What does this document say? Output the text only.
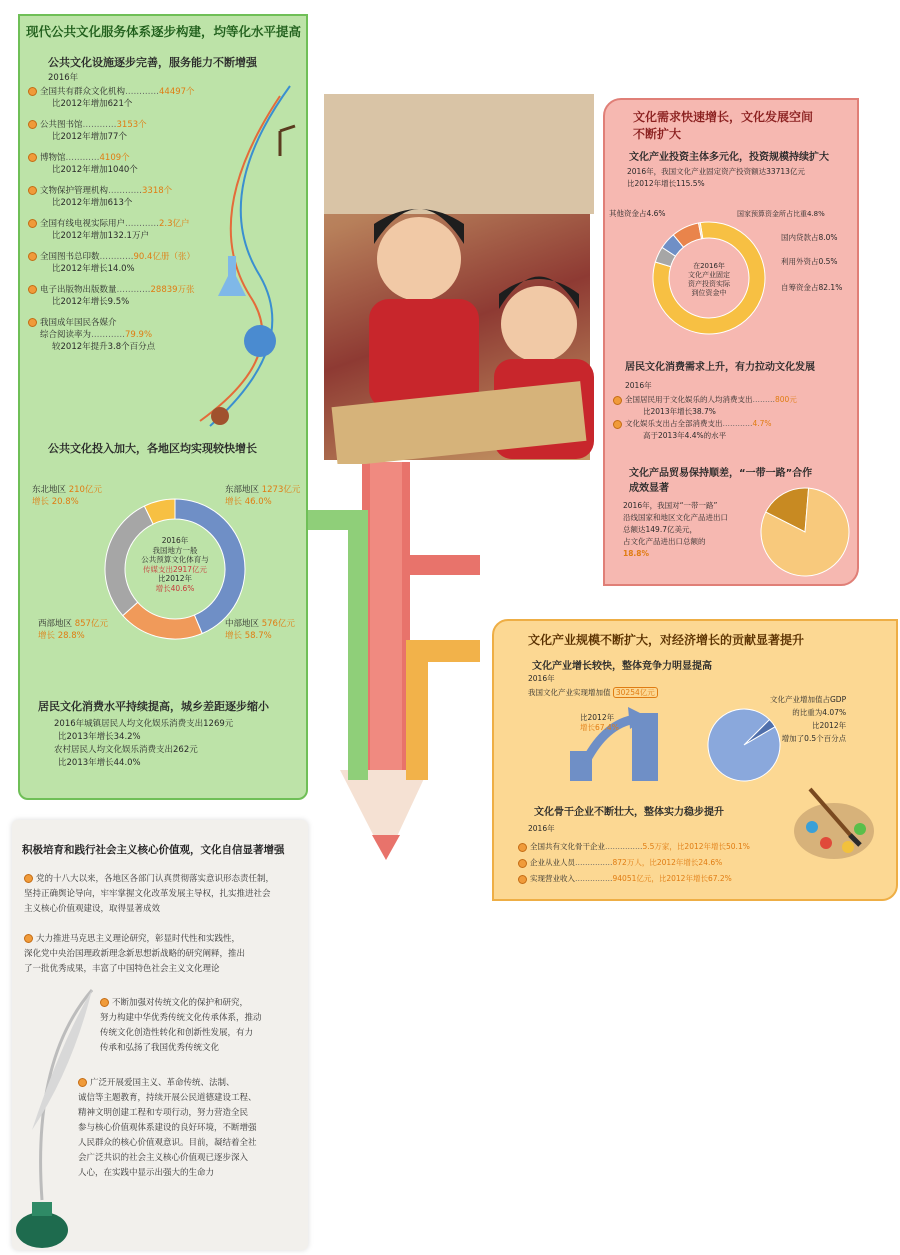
现代公共文化服务体系逐步构建，均等化水平提高
公共文化设施逐步完善，服务能力不断增强
2016年
全国共有群众文化机构…………44497个
比2012年增加621个
公共图书馆…………3153个
比2012年增加77个
博物馆…………4109个
比2012年增加1040个
文物保护管理机构…………3318个
比2012年增加613个
全国有线电视实际用户…………2.3亿户
比2012年增加132.1万户
全国图书总印数…………90.4亿册（张）
比2012年增长14.0%
电子出版物出版数量…………28839万张
比2012年增长9.5%
我国成年国民各媒介
综合阅读率为…………79.9%
较2012年提升3.8个百分点
公共文化投入加大，各地区均实现较快增长
2016年
我国地方一般
公共预算文化体育与
传媒支出2917亿元
比2012年
增长40.6%
东北地区 210亿元
增长 20.8%
东部地区 1273亿元
增长 46.0%
中部地区 576亿元
增长 58.7%
西部地区 857亿元
增长 28.8%
居民文化消费水平持续提高，城乡差距逐步缩小
2016年城镇居民人均文化娱乐消费支出1269元
比2013年增长34.2%
农村居民人均文化娱乐消费支出262元
比2013年增长44.0%
文化需求快速增长，文化发展空间
不断扩大
文化产业投资主体多元化，投资规模持续扩大
2016年，我国文化产业固定资产投资额达33713亿元
比2012年增长115.5%
在2016年
文化产业固定
资产投资实际
到位资金中
其他资金占4.6%	国家预算资金所占比重4.8%
国内贷款占8.0%
利用外资占0.5%
自筹资金占82.1%
居民文化消费需求上升，有力拉动文化发展
2016年
全国居民用于文化娱乐的人均消费支出………800元
比2013年增长38.7%
文化娱乐支出占全部消费支出…………4.7%
高于2013年4.4%的水平
文化产品贸易保持顺差，“一带一路”合作
成效显著
2016年，我国对“一带一路”
沿线国家和地区文化产品进出口
总额达149.7亿美元，
占文化产品进出口总额的
18.8%
文化产业规模不断扩大，对经济增长的贡献显著提升
文化产业增长较快，整体竞争力明显提高
2016年
我国文化产业实现增加值 30254亿元
比2012年
增长67.4%
文化产业增加值占GDP
的比重为4.07%
比2012年
增加了0.5个百分点
文化骨干企业不断壮大，整体实力稳步提升
2016年
全国共有文化骨干企业……………5.5万家，比2012年增长50.1%
企业从业人员……………872万人，比2012年增长24.6%
实现营业收入……………94051亿元，比2012年增长67.2%
积极培育和践行社会主义核心价值观，文化自信显著增强
党的十八大以来，各地区各部门认真贯彻落实意识形态责任制，
坚持正确舆论导向，牢牢掌握文化改革发展主导权，扎实推进社会
主义核心价值观建设，取得显著成效
大力推进马克思主义理论研究，彰显时代性和实践性，
深化党中央治国理政新理念新思想新战略的研究阐释，推出
了一批优秀成果，丰富了中国特色社会主义文化理论
不断加强对传统文化的保护和研究，
努力构建中华优秀传统文化传承体系，推动
传统文化创造性转化和创新性发展，有力
传承和弘扬了我国优秀传统文化
广泛开展爱国主义、革命传统、法制、
诚信等主题教育，持续开展公民道德建设工程、
精神文明创建工程和专项行动，努力营造全民
参与核心价值观体系建设的良好环境，不断增强
人民群众的核心价值观意识。目前，凝结着全社
会广泛共识的社会主义核心价值观已逐步深入
人心，在实践中显示出强大的生命力
